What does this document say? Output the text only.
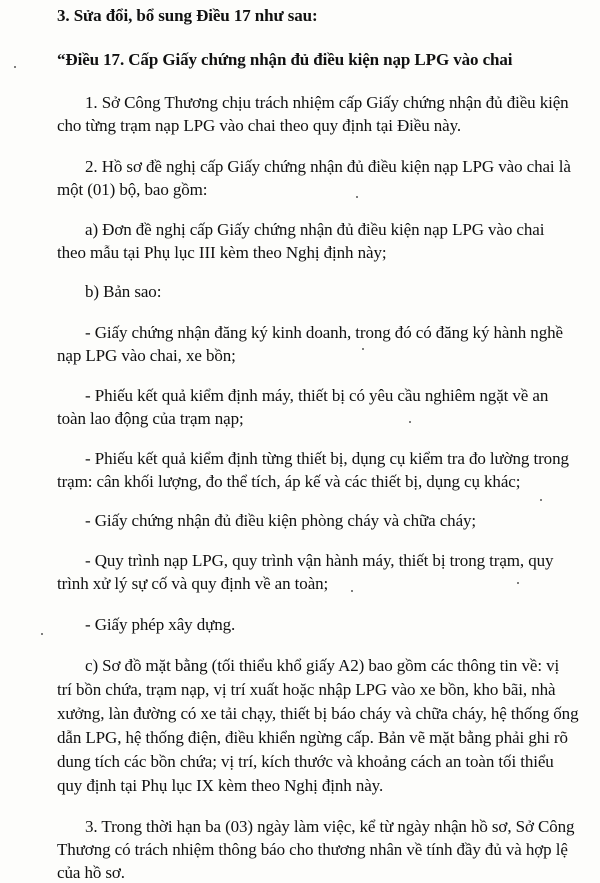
3. Sửa đổi, bổ sung Điều 17 như sau:
“Điều 17. Cấp Giấy chứng nhận đủ điều kiện nạp LPG vào chai
1. Sở Công Thương chịu trách nhiệm cấp Giấy chứng nhận đủ điều kiện
cho từng trạm nạp LPG vào chai theo quy định tại Điều này.
2. Hồ sơ đề nghị cấp Giấy chứng nhận đủ điều kiện nạp LPG vào chai là
một (01) bộ, bao gồm:
a) Đơn đề nghị cấp Giấy chứng nhận đủ điều kiện nạp LPG vào chai
theo mẫu tại Phụ lục III kèm theo Nghị định này;
b) Bản sao:
- Giấy chứng nhận đăng ký kinh doanh, trong đó có đăng ký hành nghề
nạp LPG vào chai, xe bồn;
- Phiếu kết quả kiểm định máy, thiết bị có yêu cầu nghiêm ngặt về an
toàn lao động của trạm nạp;
- Phiếu kết quả kiểm định từng thiết bị, dụng cụ kiểm tra đo lường trong
trạm: cân khối lượng, đo thể tích, áp kế và các thiết bị, dụng cụ khác;
- Giấy chứng nhận đủ điều kiện phòng cháy và chữa cháy;
- Quy trình nạp LPG, quy trình vận hành máy, thiết bị trong trạm, quy
trình xử lý sự cố và quy định về an toàn;
- Giấy phép xây dựng.
c) Sơ đồ mặt bằng (tối thiểu khổ giấy A2) bao gồm các thông tin về: vị
trí bồn chứa, trạm nạp, vị trí xuất hoặc nhập LPG vào xe bồn, kho bãi, nhà
xưởng, làn đường có xe tải chạy, thiết bị báo cháy và chữa cháy, hệ thống ống
dẫn LPG, hệ thống điện, điều khiển ngừng cấp. Bản vẽ mặt bằng phải ghi rõ
dung tích các bồn chứa; vị trí, kích thước và khoảng cách an toàn tối thiểu
quy định tại Phụ lục IX kèm theo Nghị định này.
3. Trong thời hạn ba (03) ngày làm việc, kể từ ngày nhận hồ sơ, Sở Công
Thương có trách nhiệm thông báo cho thương nhân về tính đầy đủ và hợp lệ
của hồ sơ.
